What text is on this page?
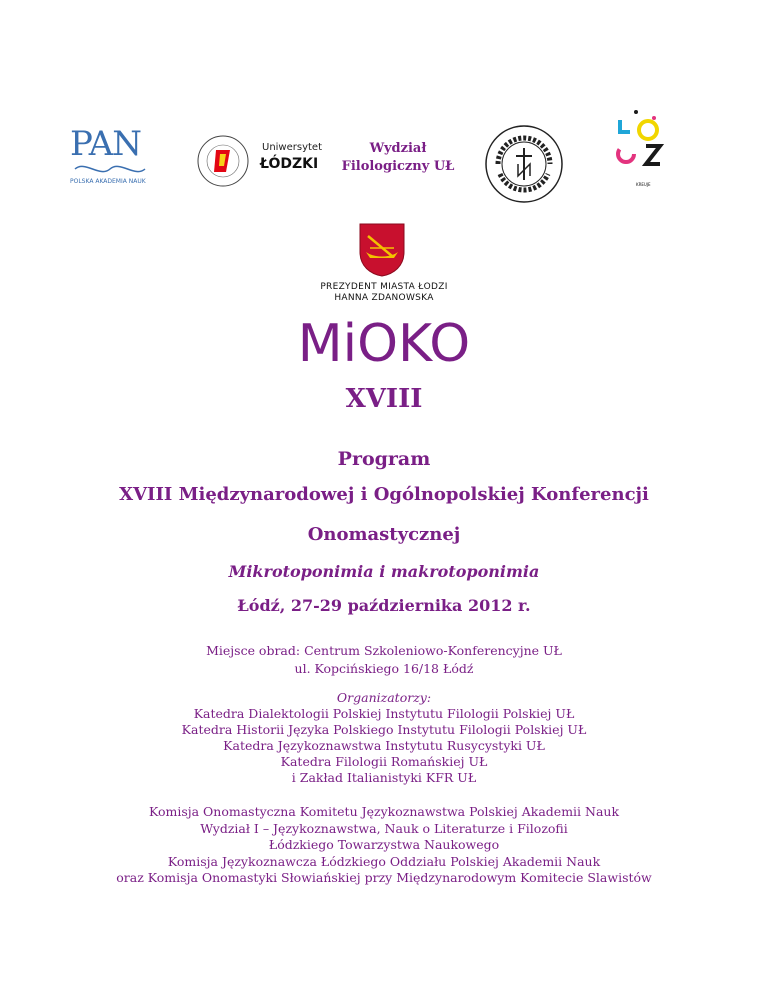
PAN
POLSKA AKADEMIA NAUK
Uniwersytet
ŁÓDZKI
Wydział
Filologiczny UŁ
KREUJE
PREZYDENT MIASTA ŁODZI
HANNA ZDANOWSKA
MiOKO
XVIII
Program
XVIII Międzynarodowej i Ogólnopolskiej Konferencji
Onomastycznej
Mikrotoponimia i makrotoponimia
Łódź, 27-29 października 2012 r.
Miejsce obrad: Centrum Szkoleniowo-Konferencyjne UŁ
ul. Kopcińskiego 16/18 Łódź
Organizatorzy:
Katedra Dialektologii Polskiej Instytutu Filologii Polskiej UŁ
Katedra Historii Języka Polskiego Instytutu Filologii Polskiej UŁ
Katedra Językoznawstwa Instytutu Rusycystyki UŁ
Katedra Filologii Romańskiej UŁ
i Zakład Italianistyki KFR UŁ
Komisja Onomastyczna Komitetu Językoznawstwa Polskiej Akademii Nauk
Wydział I – Językoznawstwa, Nauk o Literaturze i Filozofii
Łódzkiego Towarzystwa Naukowego
Komisja Językoznawcza Łódzkiego Oddziału Polskiej Akademii Nauk
oraz Komisja Onomastyki Słowiańskiej przy Międzynarodowym Komitecie Slawistów
